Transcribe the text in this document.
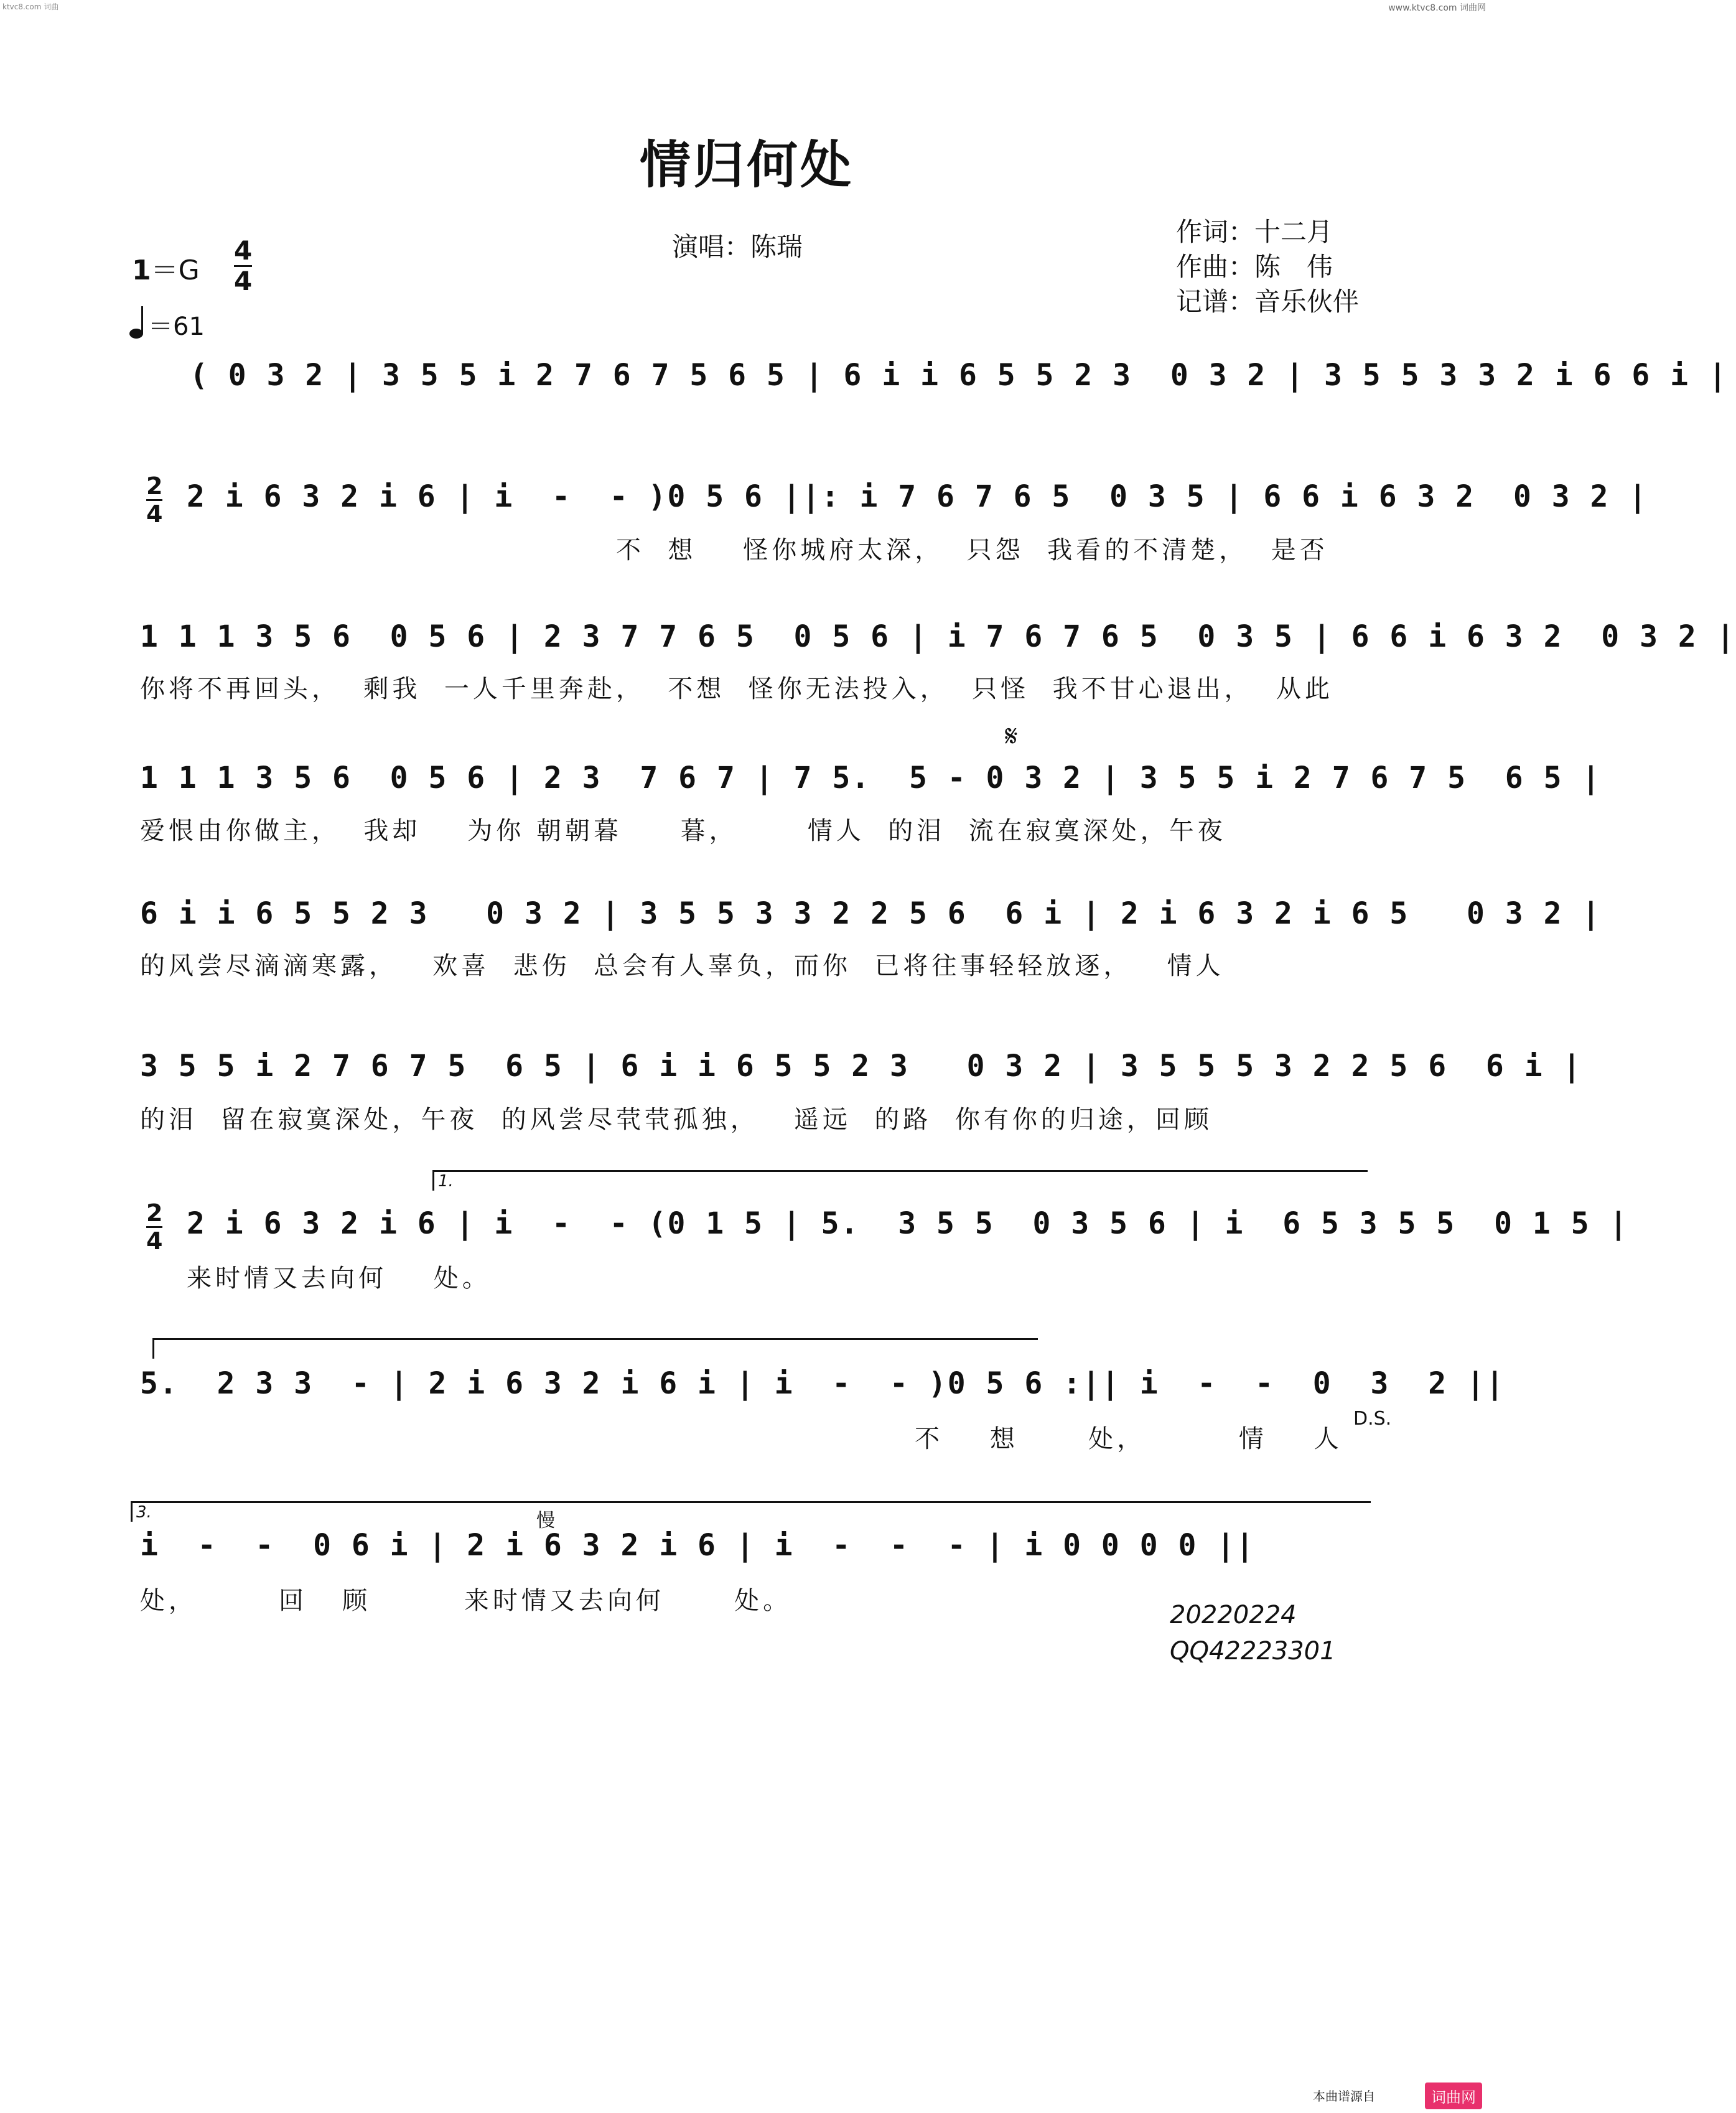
ktvc8.com 词曲	www.ktvc8.com 词曲网
情归何处
演唱：陈瑞	作词：十二月
作曲：陈　伟
记谱：音乐伙伴
1＝G
4
4
＝61
( 0 3 2 | 3 5 5 i 2 7 6 7 5 6 5 | 6 i i 6 5 5 2 3  0 3 2 | 3 5 5 3 3 2 i 6 6 i |
2
4 2 i 6 3 2 i 6 | i  -  - )0 5 6 ||: i 7 6 7 6 5  0 3 5 | 6 6 i 6 3 2  0 3 2 |
不  想    怪你城府太深，  只怨  我看的不清楚，  是否
1 1 1 3 5 6  0 5 6 | 2 3 7 7 6 5  0 5 6 | i 7 6 7 6 5  0 3 5 | 6 6 i 6 3 2  0 3 2 |
你将不再回头，  剩我  一人千里奔赴，  不想  怪你无法投入，  只怪  我不甘心退出，  从此
1 1 1 3 5 6  0 5 6 | 2 3  7 6 7 | 7 5.  5 - 0 3 2 | 3 5 5 i 2 7 6 7 5  6 5 |
爱恨由你做主，  我却    为你 朝朝暮     暮，      情人  的泪  流在寂寞深处，午夜
𝄋
6 i i 6 5 5 2 3   0 3 2 | 3 5 5 3 3 2 2 5 6  6 i | 2 i 6 3 2 i 6 5   0 3 2 |
的风尝尽滴滴寒露，   欢喜  悲伤  总会有人辜负，而你  已将往事轻轻放逐，   情人
3 5 5 i 2 7 6 7 5  6 5 | 6 i i 6 5 5 2 3   0 3 2 | 3 5 5 5 3 2 2 5 6  6 i |
的泪  留在寂寞深处，午夜  的风尝尽茕茕孤独，   遥远  的路  你有你的归途，回顾
1.
2
4 2 i 6 3 2 i 6 | i  -  - (0 1 5 | 5.  3 5 5  0 3 5 6 | i  6 5 3 5 5  0 1 5 |
来时情又去向何    处。
5.  2 3 3  - | 2 i 6 3 2 i 6 i | i  -  - )0 5 6 :|| i  -  -  0  3  2 ||
不    想      处，        情    人
D.S.
3.	慢
i  -  -  0 6 i | 2 i 6 3 2 i 6 | i  -  -  - | i 0 0 0 0 ||
处，       回   顾        来时情又去向何      处。	20220224
QQ42223301
本曲谱源自	词曲网
